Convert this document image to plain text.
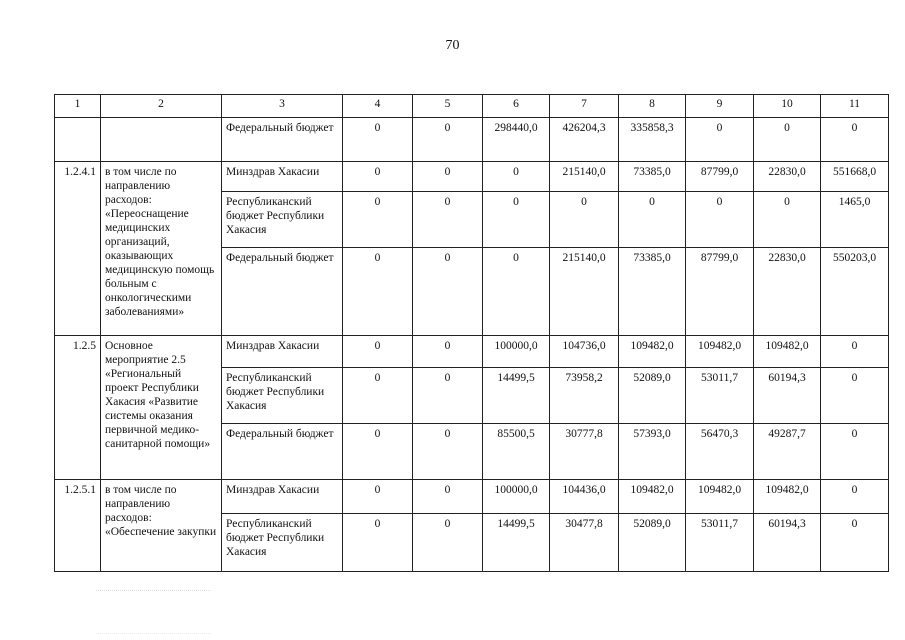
70
1	2	3	4	5	6	7	8	9	10	11
		Федеральный бюджет	0	0	298440,0	426204,3	335858,3	0	0	0
1.2.4.1	в том числе по направлению расходов: «Переоснащение медицинских организаций, оказывающих медицинскую помощь больным с онкологическими заболеваниями»	Минздрав Хакасии	0	0	0	215140,0	73385,0	87799,0	22830,0	551668,0
		Республиканский бюджет Республики Хакасия	0	0	0	0	0	0	0	1465,0
		Федеральный бюджет	0	0	0	215140,0	73385,0	87799,0	22830,0	550203,0
1.2.5	Основное мероприятие 2.5 «Региональный проект Республики Хакасия «Развитие системы оказания первичной медико-санитарной помощи»	Минздрав Хакасии	0	0	100000,0	104736,0	109482,0	109482,0	109482,0	0
		Республиканский бюджет Республики Хакасия	0	0	14499,5	73958,2	52089,0	53011,7	60194,3	0
		Федеральный бюджет	0	0	85500,5	30777,8	57393,0	56470,3	49287,7	0
1.2.5.1	в том числе по направлению расходов: «Обеспечение закупки	Минздрав Хакасии	0	0	100000,0	104436,0	109482,0	109482,0	109482,0	0
		Республиканский бюджет Республики Хакасия	0	0	14499,5	30477,8	52089,0	53011,7	60194,3	0
